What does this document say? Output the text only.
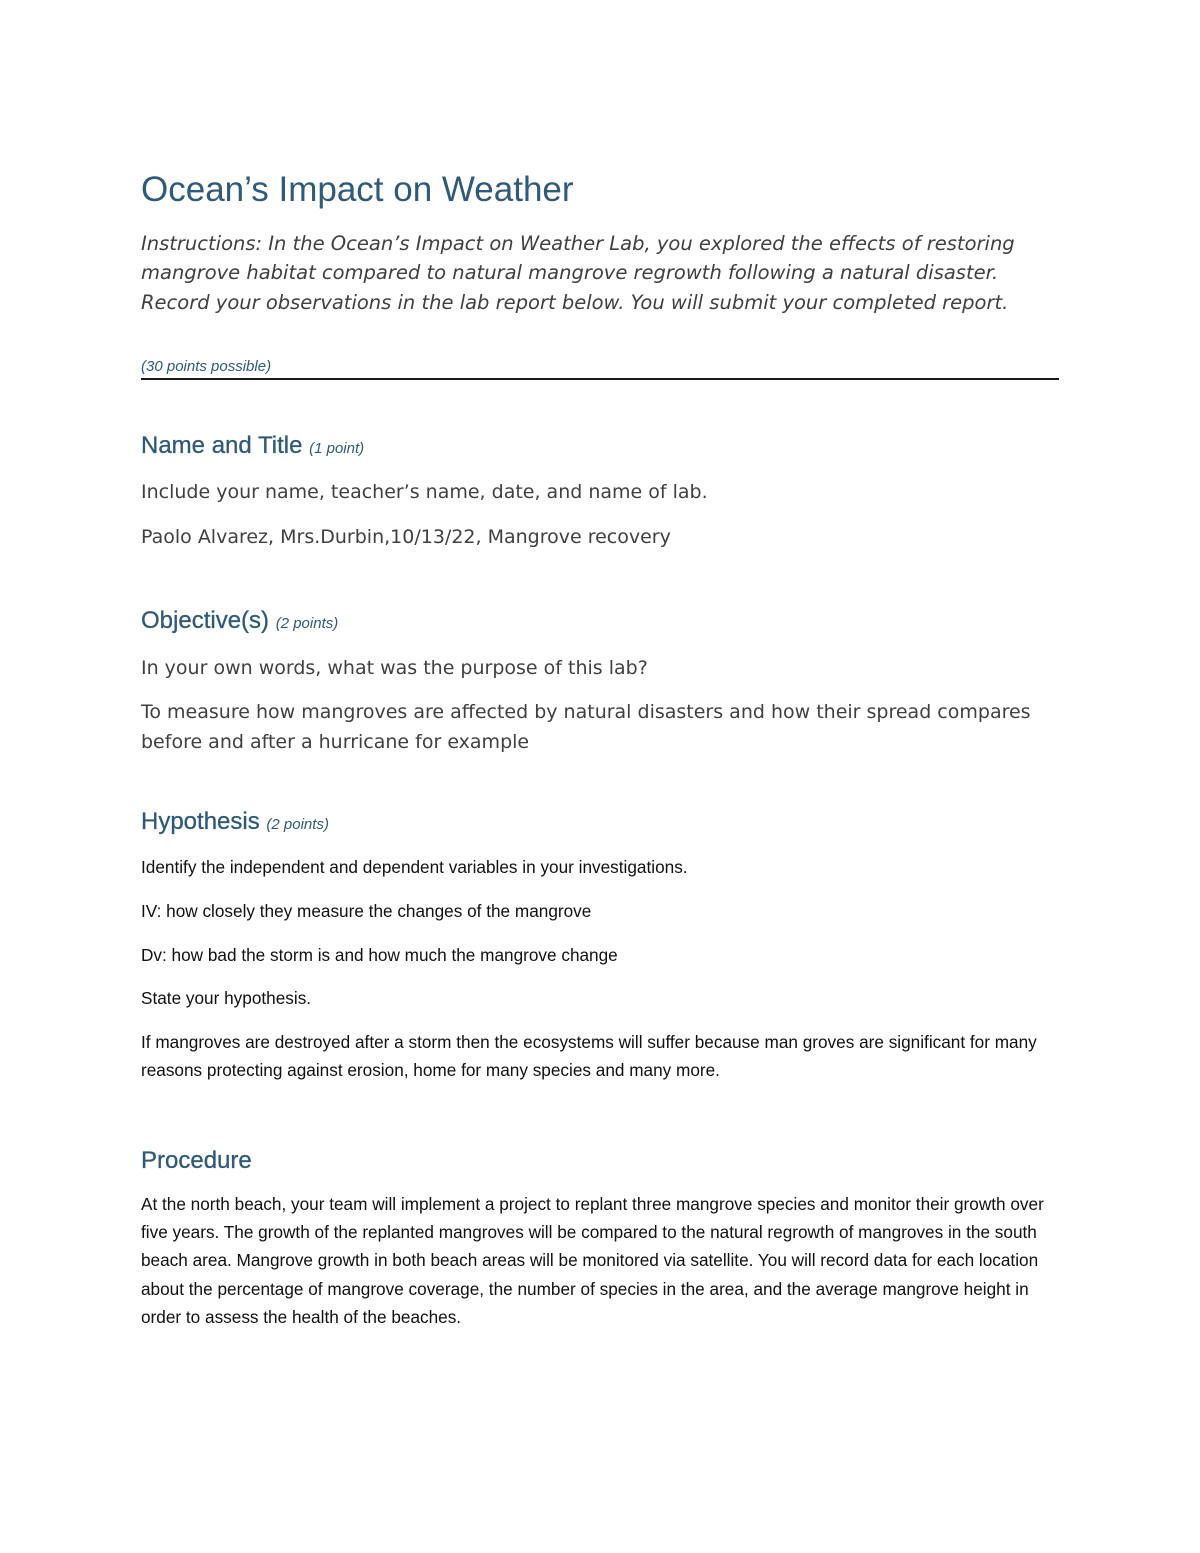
Ocean’s Impact on Weather

Instructions: In the Ocean’s Impact on Weather Lab, you explored the effects of restoring mangrove habitat compared to natural mangrove regrowth following a natural disaster. Record your observations in the lab report below. You will submit your completed report.

(30 points possible)

Name and Title (1 point)

Include your name, teacher’s name, date, and name of lab.

Paolo Alvarez, Mrs.Durbin,10/13/22, Mangrove recovery

Objective(s) (2 points)

In your own words, what was the purpose of this lab?

To measure how mangroves are affected by natural disasters and how their spread compares before and after a hurricane for example

Hypothesis (2 points)

Identify the independent and dependent variables in your investigations.

IV: how closely they measure the changes of the mangrove

Dv: how bad the storm is and how much the mangrove change

State your hypothesis.

If mangroves are destroyed after a storm then the ecosystems will suffer because man groves are significant for many reasons protecting against erosion, home for many species and many more.

Procedure

At the north beach, your team will implement a project to replant three mangrove species and monitor their growth over five years. The growth of the replanted mangroves will be compared to the natural regrowth of mangroves in the south beach area. Mangrove growth in both beach areas will be monitored via satellite. You will record data for each location about the percentage of mangrove coverage, the number of species in the area, and the average mangrove height in order to assess the health of the beaches.
